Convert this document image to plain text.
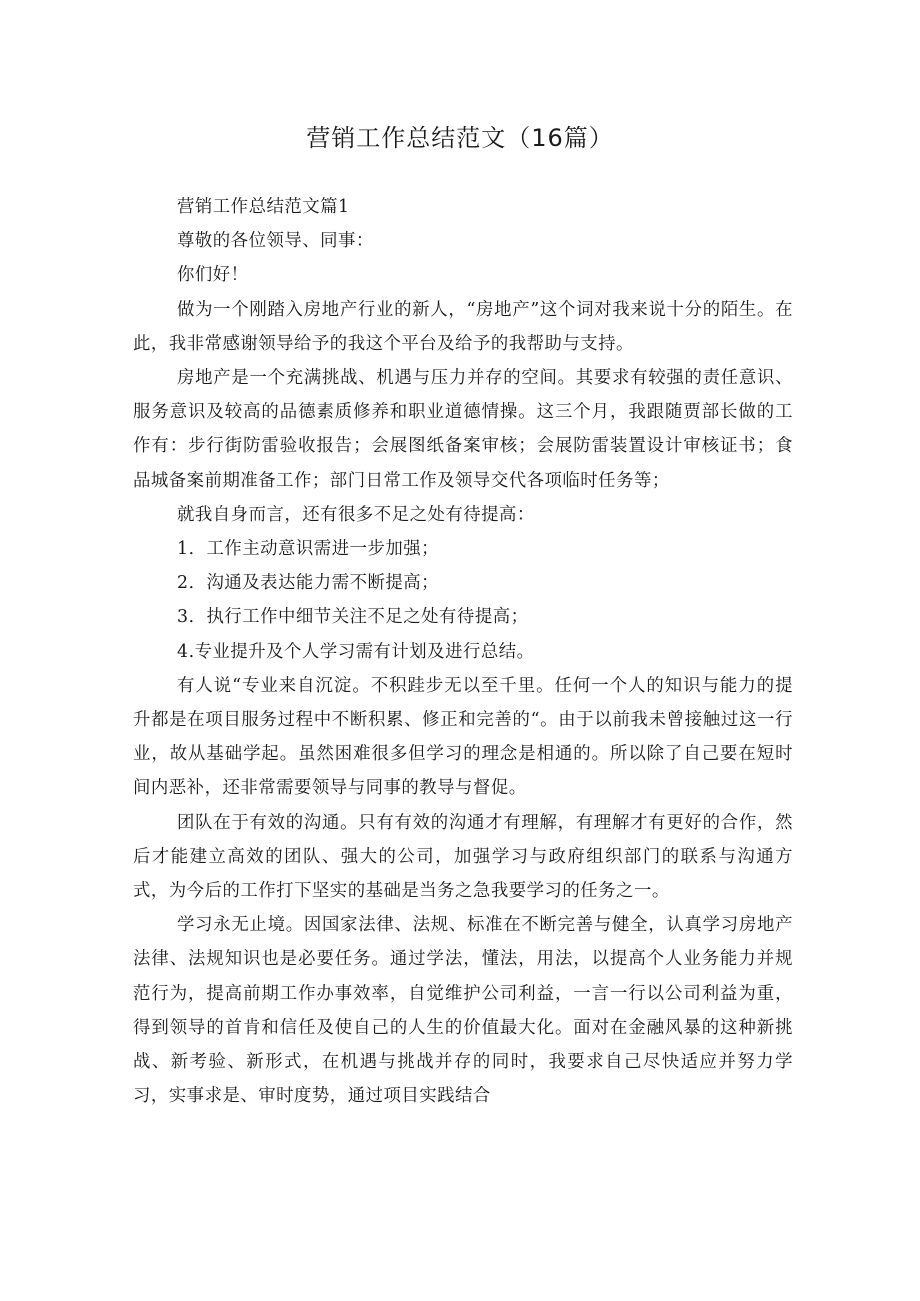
营销工作总结范文（16篇）

营销工作总结范文篇1

尊敬的各位领导、同事：

你们好！

做为一个刚踏入房地产行业的新人，“房地产”这个词对我来说十分的陌生。在此，我非常感谢领导给予的我这个平台及给予的我帮助与支持。

房地产是一个充满挑战、机遇与压力并存的空间。其要求有较强的责任意识、服务意识及较高的品德素质修养和职业道德情操。这三个月，我跟随贾部长做的工作有：步行街防雷验收报告；会展图纸备案审核；会展防雷装置设计审核证书；食品城备案前期准备工作；部门日常工作及领导交代各项临时任务等；

就我自身而言，还有很多不足之处有待提高：

1．工作主动意识需进一步加强；

2．沟通及表达能力需不断提高；

3．执行工作中细节关注不足之处有待提高；

4.专业提升及个人学习需有计划及进行总结。

有人说“专业来自沉淀。不积跬步无以至千里。任何一个人的知识与能力的提升都是在项目服务过程中不断积累、修正和完善的“。由于以前我未曾接触过这一行业，故从基础学起。虽然困难很多但学习的理念是相通的。所以除了自己要在短时间内恶补，还非常需要领导与同事的教导与督促。

团队在于有效的沟通。只有有效的沟通才有理解，有理解才有更好的合作，然后才能建立高效的团队、强大的公司，加强学习与政府组织部门的联系与沟通方式，为今后的工作打下坚实的基础是当务之急我要学习的任务之一。

学习永无止境。因国家法律、法规、标准在不断完善与健全，认真学习房地产法律、法规知识也是必要任务。通过学法，懂法，用法，以提高个人业务能力并规范行为，提高前期工作办事效率，自觉维护公司利益，一言一行以公司利益为重，得到领导的首肯和信任及使自己的人生的价值最大化。面对在金融风暴的这种新挑战、新考验、新形式，在机遇与挑战并存的同时，我要求自己尽快适应并努力学习，实事求是、审时度势，通过项目实践结合
